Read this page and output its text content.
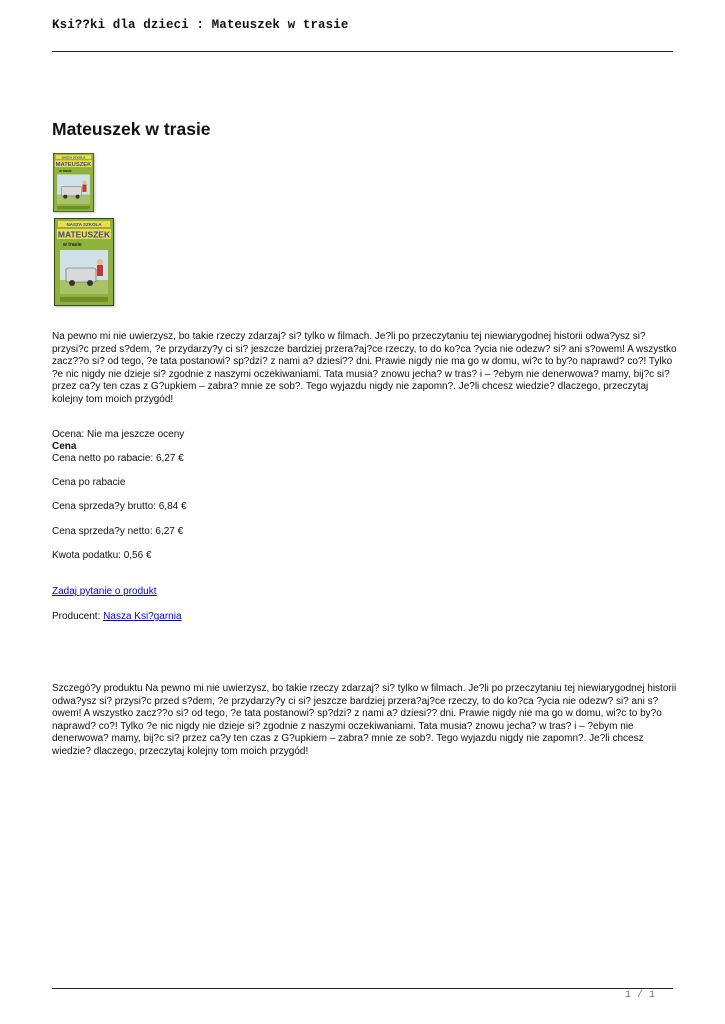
Ksi??ki dla dzieci : Mateuszek w trasie
Mateuszek w trasie
NASZA SZKOŁA
MATEUSZEK
w trasie
NASZA SZKOŁA
MATEUSZEK
w trasie

Na pewno mi nie uwierzysz, bo takie rzeczy zdarzaj? si? tylko w filmach. Je?li po przeczytaniu tej niewiarygodnej historii odwa?ysz si? przysi?c przed s?dem, ?e przydarzy?y ci si? jeszcze bardziej przera?aj?ce rzeczy, to do ko?ca ?ycia nie odezw? si? ani s?owem! A wszystko zacz??o si? od tego, ?e tata postanowi? sp?dzi? z nami a? dziesi?? dni. Prawie nigdy nie ma go w domu, wi?c to by?o naprawd? co?! Tylko ?e nic nigdy nie dzieje si? zgodnie z naszymi oczekiwaniami. Tata musia? znowu jecha? w tras? i – ?ebym nie denerwowa? mamy, bij?c si? przez ca?y ten czas z G?upkiem – zabra? mnie ze sob?. Tego wyjazdu nigdy nie zapomn?. Je?li chcesz wiedzie? dlaczego, przeczytaj kolejny tom moich przygód!

Ocena: Nie ma jeszcze oceny
Cena
Cena netto po rabacie: 6,27 €
Cena po rabacie
Cena sprzeda?y brutto: 6,84 €
Cena sprzeda?y netto: 6,27 €
Kwota podatku: 0,56 €
Zadaj pytanie o produkt
Producent: Nasza Ksi?garnia

Szczegó?y produktu Na pewno mi nie uwierzysz, bo takie rzeczy zdarzaj? si? tylko w filmach. Je?li po przeczytaniu tej niewiarygodnej historii odwa?ysz si? przysi?c przed s?dem, ?e przydarzy?y ci si? jeszcze bardziej przera?aj?ce rzeczy, to do ko?ca ?ycia nie odezw? si? ani s?owem! A wszystko zacz??o si? od tego, ?e tata postanowi? sp?dzi? z nami a? dziesi?? dni. Prawie nigdy nie ma go w domu, wi?c to by?o naprawd? co?! Tylko ?e nic nigdy nie dzieje si? zgodnie z naszymi oczekiwaniami. Tata musia? znowu jecha? w tras? i – ?ebym nie denerwowa? mamy, bij?c si? przez ca?y ten czas z G?upkiem – zabra? mnie ze sob?. Tego wyjazdu nigdy nie zapomn?. Je?li chcesz wiedzie? dlaczego, przeczytaj kolejny tom moich przygód!

1 / 1
